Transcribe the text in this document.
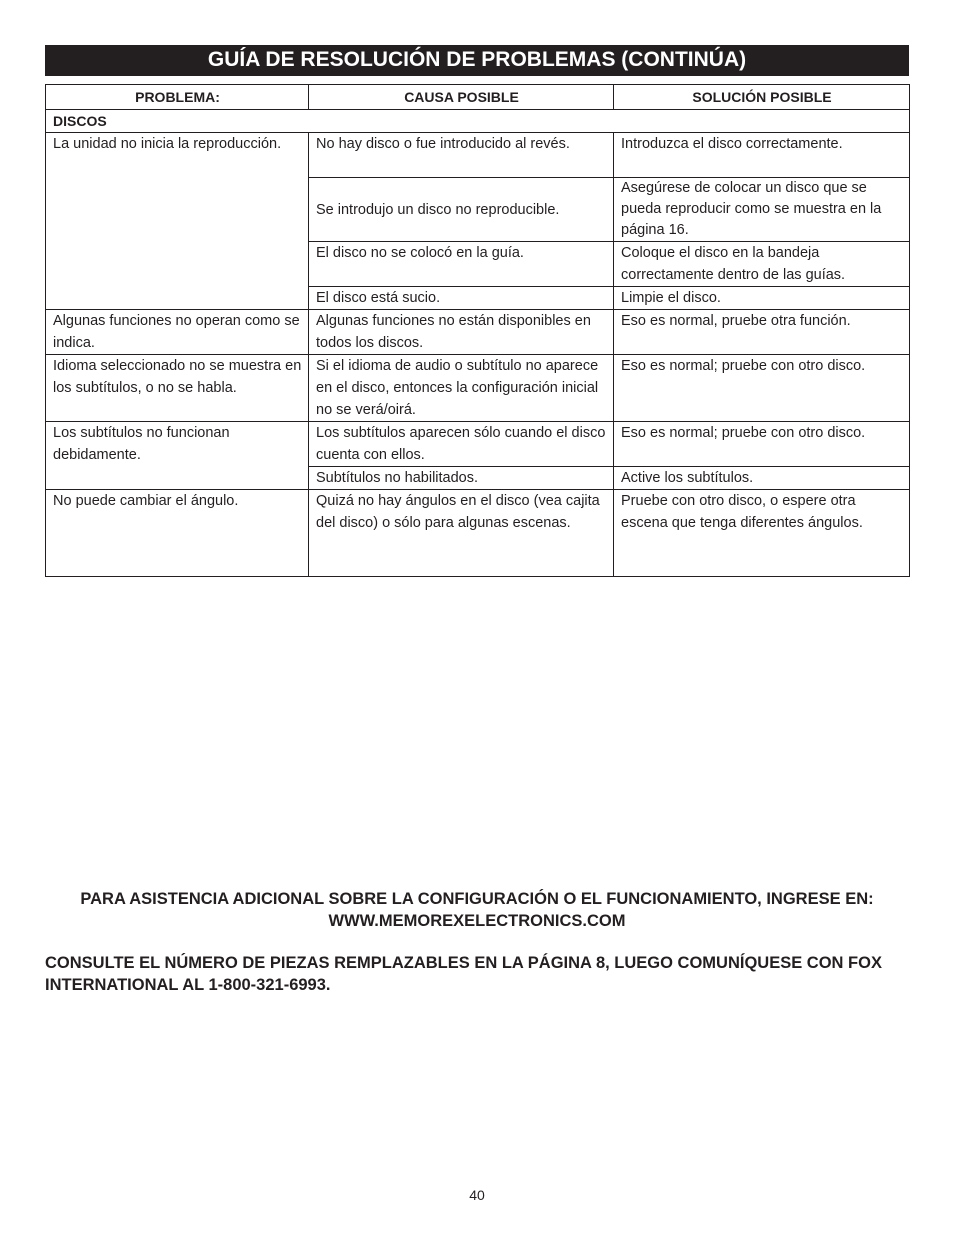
GUÍA DE RESOLUCIÓN DE PROBLEMAS (CONTINÚA)
PROBLEMA:	CAUSA POSIBLE	SOLUCIÓN POSIBLE
DISCOS		
La unidad no inicia la reproducción.	No hay disco o fue introducido al revés.	Introduzca el disco correctamente.
	Se introdujo un disco no reproducible.	Asegúrese de colocar un disco que se pueda reproducir como se muestra en la página 16.
	El disco no se colocó en la guía.	Coloque el disco en la bandeja correctamente dentro de las guías.
	El disco está sucio.	Limpie el disco.
Algunas funciones no operan como se indica.	Algunas funciones no están disponibles en todos los discos.	Eso es normal, pruebe otra función.
Idioma seleccionado no se muestra en los subtítulos, o no se habla.	Si el idioma de audio o subtítulo no aparece en el disco, entonces la configuración inicial no se verá/oirá.	Eso es normal; pruebe con otro disco.
Los subtítulos no funcionan debidamente.	Los subtítulos aparecen sólo cuando el disco cuenta con ellos.	Eso es normal; pruebe con otro disco.
	Subtítulos no habilitados.	Active los subtítulos.
No puede cambiar el ángulo.	Quizá no hay ángulos en el disco (vea cajita del disco) o sólo para algunas escenas.	Pruebe con otro disco, o espere otra escena que tenga diferentes ángulos.
PARA ASISTENCIA ADICIONAL SOBRE LA CONFIGURACIÓN O EL FUNCIONAMIENTO, INGRESE EN:
WWW.MEMOREXELECTRONICS.COM
CONSULTE EL NÚMERO DE PIEZAS REMPLAZABLES EN LA PÁGINA 8, LUEGO COMUNÍQUESE CON FOX INTERNATIONAL AL 1-800-321-6993.
40
